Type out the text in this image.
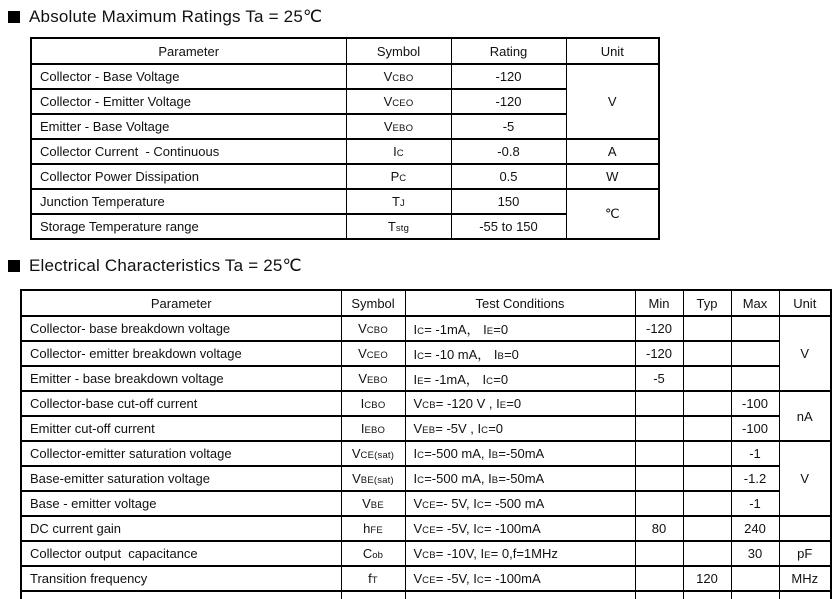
Absolute Maximum Ratings Ta = 25℃
Parameter	Symbol	Rating	Unit
Collector - Base Voltage	VCBO	-120	V
Collector - Emitter Voltage	VCEO	-120	
Emitter - Base Voltage	VEBO	-5	
Collector Current  - Continuous	IC	-0.8	A
Collector Power Dissipation	PC	0.5	W
Junction Temperature	TJ	150	℃
Storage Temperature range	Tstg	-55 to 150	
Electrical Characteristics Ta = 25℃
Parameter	Symbol	Test Conditions	Min	Typ	Max	Unit
Collector- base breakdown voltage	VCBO	IC= -1mA， IE=0	-120			V
Collector- emitter breakdown voltage	VCEO	IC= -10 mA， IB=0	-120			
Emitter - base breakdown voltage	VEBO	IE= -1mA， IC=0	-5			
Collector-base cut-off current	ICBO	VCB= -120 V , IE=0			-100	nA
Emitter cut-off current	IEBO	VEB= -5V , IC=0			-100	
Collector-emitter saturation voltage	VCE(sat)	IC=-500 mA, IB=-50mA			-1	V
Base-emitter saturation voltage	VBE(sat)	IC=-500 mA, IB=-50mA			-1.2	
Base - emitter voltage	VBE	VCE=- 5V, IC= -500 mA			-1	
DC current gain	hFE	VCE= -5V, IC= -100mA	80		240	
Collector output  capacitance	Cob	VCB= -10V, IE= 0,f=1MHz			30	pF
Transition frequency	fT	VCE= -5V, IC= -100mA		120		MHz
